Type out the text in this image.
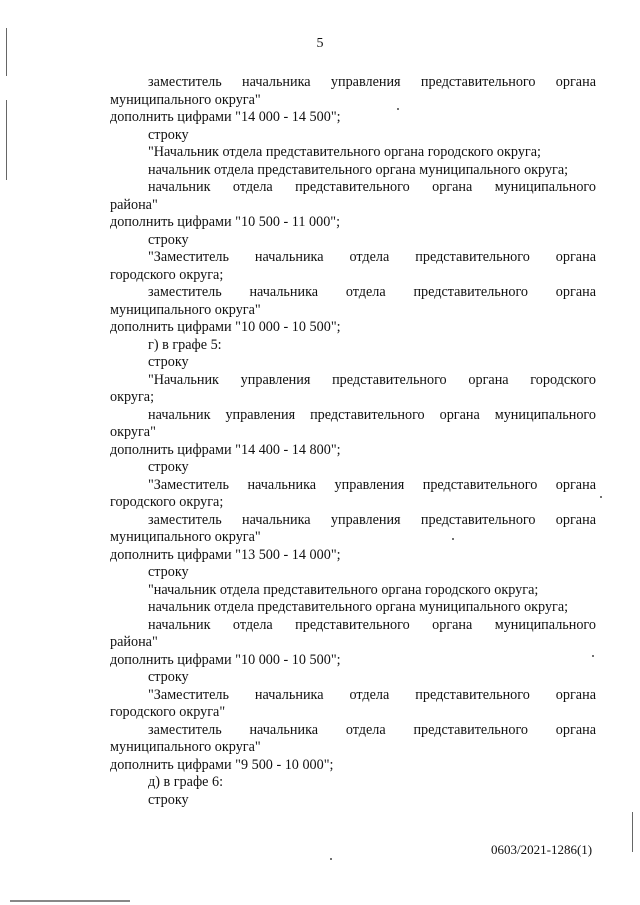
5

заместитель начальника управления представительного органа

муниципального округа"

дополнить цифрами "14 000 - 14 500";

строку

"Начальник отдела представительного органа городского округа;

начальник отдела представительного органа муниципального округа;

начальник отдела представительного органа муниципального

района"

дополнить цифрами "10 500 - 11 000";

строку

"Заместитель начальника отдела представительного органа

городского округа;

заместитель начальника отдела представительного органа

муниципального округа"

дополнить цифрами "10 000 - 10 500";

г) в графе 5:

строку

"Начальник управления представительного органа городского

округа;

начальник управления представительного органа муниципального

округа"

дополнить цифрами "14 400 - 14 800";

строку

"Заместитель начальника управления представительного органа

городского округа;

заместитель начальника управления представительного органа

муниципального округа"

дополнить цифрами "13 500 - 14 000";

строку

"начальник отдела представительного органа городского округа;

начальник отдела представительного органа муниципального округа;

начальник отдела представительного органа муниципального

района"

дополнить цифрами "10 000 - 10 500";

строку

"Заместитель начальника отдела представительного органа

городского округа"

заместитель начальника отдела представительного органа

муниципального округа"

дополнить цифрами "9 500 - 10 000";

д) в графе 6:

строку

0603/2021-1286(1)
